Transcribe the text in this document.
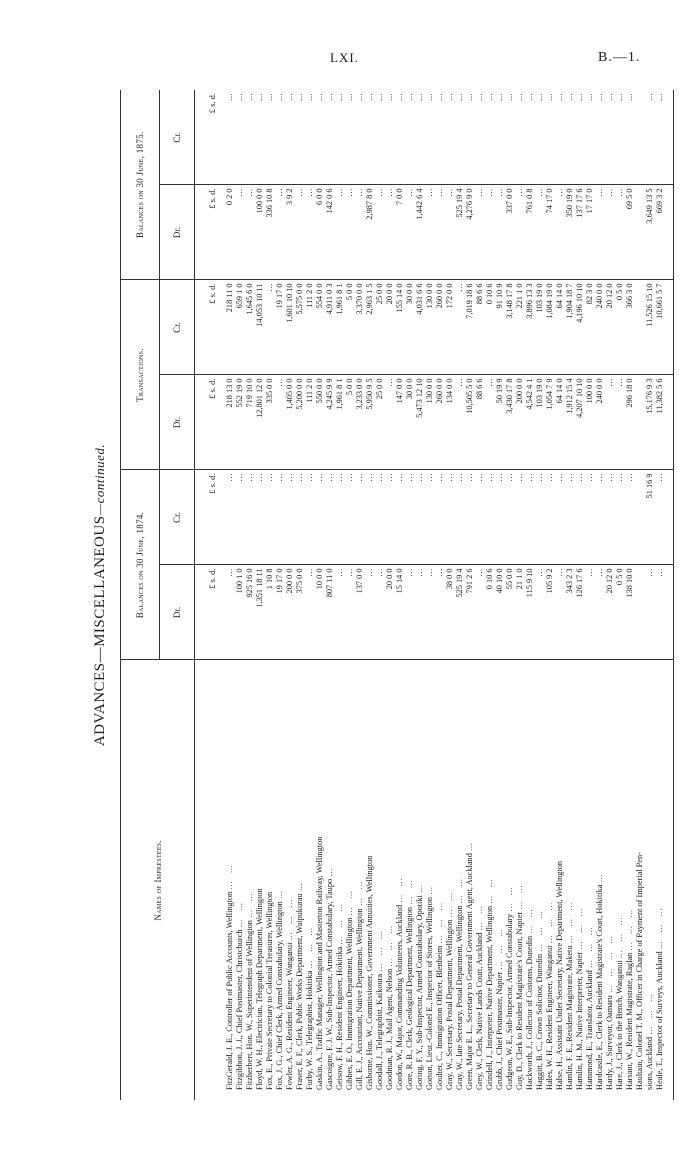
LXI.	B.—1.
ADVANCES—MISCELLANEOUS—continued.
Names of Imprestees.	Balances on 30 June, 1874.		Transactions.		Balances on 30 June, 1875.	
	Dr.	Cr.	Dr.	Cr.	Dr.	Cr.
	£ s. d.	£ s. d.	£ s. d.	£ s. d.	£ s. d.	£ s. d.

FitzGerald, J. E., Controller of Public Accounts, Wellington … …	…	…	218 13 0	218 11 0	0 2 0	…
Fitzgibbon, J. J., Chief Postmaster, Christchurch … …	100 1 0	…	552 19 0	659 1 0	…	…
Fitzherbert, Hon. W., Superintendent of Wellington … …	925 16 0	…	719 10 0	1,645 6 0	…	…
Floyd, W. H., Electrician, Telegraph Department, Wellington	1,351 18 11	…	12,801 12 0	14,053 10 11	100 0 0	…
Fox, E., Private Secretary to Colonial Treasurer, Wellington	1 10 8	…	335 0 0	…	336 10 8	…
Fox, J. G., Chief Clerk, Armed Constabulary, Wellington …	19 17 0	…	…	19 17 0	…	…
Fowler, A. G., Resident Engineer, Wanganui … … …	200 0 0	…	1,405 0 0	1,601 10 10	3 9 2	…
Fraser, E. F., Clerk, Public Works Department, Waipukurau …	375 0 0	…	5,200 0 0	5,575 0 0	…	…
Furby, W. S., Telegraphist, Hokitika … … …	…	…	111 2 0	111 2 0	…	…
Gaskin, A., Traffic Manager, Wellington and Masterton Railway, Wellington	10 0 0	…	550 0 0	554 0 0	6 0 0	…
Gascoigne, F. J. W., Sub-Inspector, Armed Constabulary, Taupo …	807 11 0	…	4,245 9 9	4,911 0 3	142 0 6	…
Geisow, F. H., Resident Engineer, Hokitika … … …	…	…	1,961 8 1	1,961 8 1	…	…
Gibbes, E. O., Immigration Department, Wellington … …	…	…	5 0 0	5 0 0	…	…
Gill, E. J., Accountant, Native Department, Wellington … …	137 0 0	…	3,233 0 0	3,370 0 0	…	…
Gisborne, Hon. W., Commissioner, Government Annuities, Wellington	…	…	5,950 9 5	2,963 1 5	2,987 8 0	…
Goodall, J., Telegraphist, Kaikoura … … …	…	…	25 0 0	25 0 0	…	…
Goodman, R. J., Mail Agent, Nelson … … …	20 0 0	…	…	20 0 0	…	…
Gordon, W., Major, Commanding Volunteers, Auckland … …	15 14 0	…	147 0 0	155 14 0	7 0 0	…
Gore, R. B., Clerk, Geological Department, Wellington … …	…	…	30 0 0	30 0 0	…	…
Goring, F. Y., Sub-Inspector, Armed Constabulary, Opotiki …	…	…	5,473 12 10	4,031 6 6	1,442 6 4	…
Gorton, Lieut.-Colonel E., Inspector of Stores, Wellington …	…	…	130 0 0	130 0 0	…	…
Goulter, C., Immigration Officer, Blenheim … … …	…	…	260 0 0	260 0 0	…	…
Gray, W., Secretary, Postal Department, Wellington … …	38 0 0	…	134 0 0	172 0 0	…	…
Gray, W., late Secretary, Postal Department, Wellington … …	525 19 4	…	…	…	525 19 4	…
Green, Major E. L., Secretary to General Government Agent, Auckland …	791 2 6	…	10,505 5 0	7,019 18 6	4,276 9 0	…
Grey, W., Clerk, Native Lands Court, Auckland … …	…	…	88 6 6	88 6 6	…	…
Grindell, J., Interpreter, Native Department, Wellington … …	0 10 6	…	…	0 10 6	…	…
Grubb, J., Chief Postmaster, Napier … … …	40 10 0	…	50 19 9	91 10 9	…	…
Gudgeon, W. E., Sub-Inspector, Armed Constabulary … …	55 0 0	…	3,430 17 8	3,148 17 8	337 0 0	…
Guy, D., Clerk to Resident Magistrate's Court, Napier … …	21 1 0	…	200 0 0	221 1 0	…	…
Hackworth, J., Collector of Customs, Dunedin … …	115 9 10	…	4,542 4 1	3,896 13 3	761 0 8	…
Haggitt, B. C., Crown Solicitor, Dunedin … … …	…	…	103 19 0	103 19 0	…	…
Hales, W. H., Resident Engineer, Wanganui … … …	105 9 2	…	1,054 7 9	1,084 19 0	74 17 0	…
Halse, H., Assistant Under Secretary, Native Department, Wellington	…	…	64 14 0	64 14 0	…	…
Hamlin, F. E., Resident Magistrate, Maketu … … …	343 2 3	…	1,912 15 4	1,904 18 7	350 19 0	…
Hamlin, H. M., Native Interpreter, Napier … … …	126 17 6	…	4,207 10 10	4,196 10 10	137 17 6	…
Hammond, E., Translator, Auckland … … …	…	…	100 0 0	82 3 0	17 17 0	…
Hardcastle, E., Clerk to Resident Magistrate's Court, Hokitika …	…	…	240 0 0	240 0 0	…	…
Hardy, J., Surveyor, Oamaru … … … …	20 12 0	…	…	20 12 0	…	…
Hare, J., Clerk to the Bench, Wanganui … … …	0 5 0	…	…	0 5 0	…	…
Harsant, W., Resident Magistrate, Raglan … … …	138 10 0	…	296 18 0	366 3 0	69 5 0	…
Haultain, Colonel T. M., Officer in Charge of Payment of Imperial Pen-						
sions, Auckland … … …	…	51 16 9	15,176 9 3	11,526 15 10	3,649 13 5	…
Heale, T., Inspector of Surveys, Auckland … … …	…	…	11,382 5 6	10,661 5 7	669 3 2	…
